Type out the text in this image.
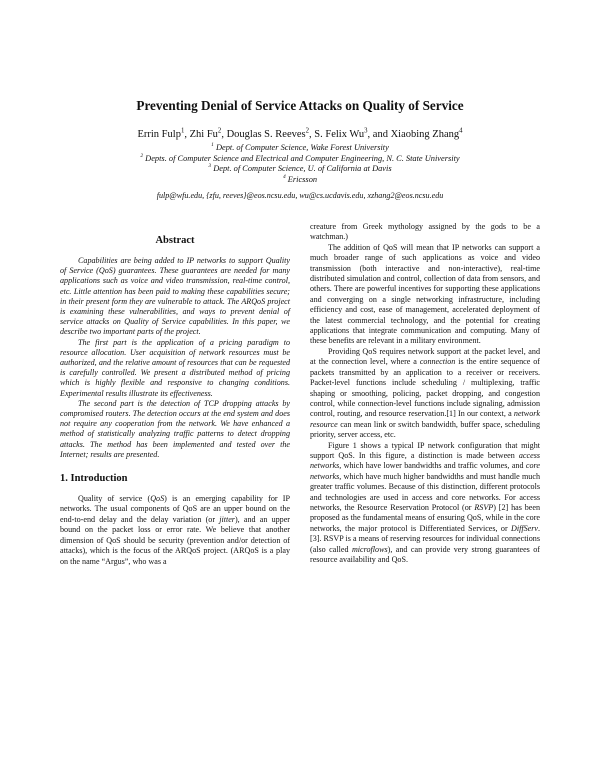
Preventing Denial of Service Attacks on Quality of Service
Errin Fulp$^1$, Zhi Fu$^2$, Douglas S. Reeves$^2$, S. Felix Wu$^3$, and Xiaobing Zhang$^4$
$^1$ Dept. of Computer Science, Wake Forest University
$^2$ Depts. of Computer Science and Electrical and Computer Engineering, N. C. State University
$^3$ Dept. of Computer Science, U. of California at Davis
$^4$ Ericsson
fulp@wfu.edu, {zfu, reeves}@eos.ncsu.edu, wu@cs.ucdavis.edu, xzhang2@eos.ncsu.edu
Abstract

Capabilities are being added to IP networks to support Quality of Service (QoS) guarantees. These guarantees are needed for many applications such as voice and video transmission, real-time control, etc. Little attention has been paid to making these capabilities secure; in their present form they are vulnerable to attack. The ARQoS project is examining these vulnerabilities, and ways to prevent denial of service attacks on Quality of Service capabilities. In this paper, we describe two important parts of the project.

The first part is the application of a pricing paradigm to resource allocation. User acquisition of network resources must be authorized, and the relative amount of resources that can be requested is carefully controlled. We present a distributed method of pricing which is highly flexible and responsive to changing conditions. Experimental results illustrate its effectiveness.

The second part is the detection of TCP dropping attacks by compromised routers. The detection occurs at the end system and does not require any cooperation from the network. We have enhanced a method of statistically analyzing traffic patterns to detect dropping attacks. The method has been implemented and tested over the Internet; results are presented.

1. Introduction

Quality of service (QoS) is an emerging capability for IP networks. The usual components of QoS are an upper bound on the end-to-end delay and the delay variation (or jitter), and an upper bound on the packet loss or error rate. We believe that another dimension of QoS should be security (prevention and/or detection of attacks), which is the focus of the ARQoS project. (ARQoS is a play on the name “Argus”, who was a

creature from Greek mythology assigned by the gods to be a watchman.)

The addition of QoS will mean that IP networks can support a much broader range of such applications as voice and video transmission (both interactive and non-interactive), real-time distributed simulation and control, collection of data from sensors, and others. There are powerful incentives for supporting these applications and converging on a single networking infrastructure, including efficiency and cost, ease of management, accelerated deployment of the latest commercial technology, and the potential for creating applications that integrate communication and computing. Many of these benefits are relevant in a military environment.

Providing QoS requires network support at the packet level, and at the connection level, where a connection is the entire sequence of packets transmitted by an application to a receiver or receivers. Packet-level functions include scheduling / multiplexing, traffic shaping or smoothing, policing, packet dropping, and congestion control, while connection-level functions include signaling, admission control, routing, and resource reservation.[1] In our context, a network resource can mean link or switch bandwidth, buffer space, scheduling priority, server access, etc.

Figure 1 shows a typical IP network configuration that might support QoS. In this figure, a distinction is made between access networks, which have lower bandwidths and traffic volumes, and core networks, which have much higher bandwidths and must handle much greater traffic volumes. Because of this distinction, different protocols and technologies are used in access and core networks. For access networks, the Resource Reservation Protocol (or RSVP) [2] has been proposed as the fundamental means of ensuring QoS, while in the core networks, the major protocol is Differentiated Services, or DiffServ.[3]. RSVP is a means of reserving resources for individual connections (also called microflows), and can provide very strong guarantees of resource availability and QoS.
